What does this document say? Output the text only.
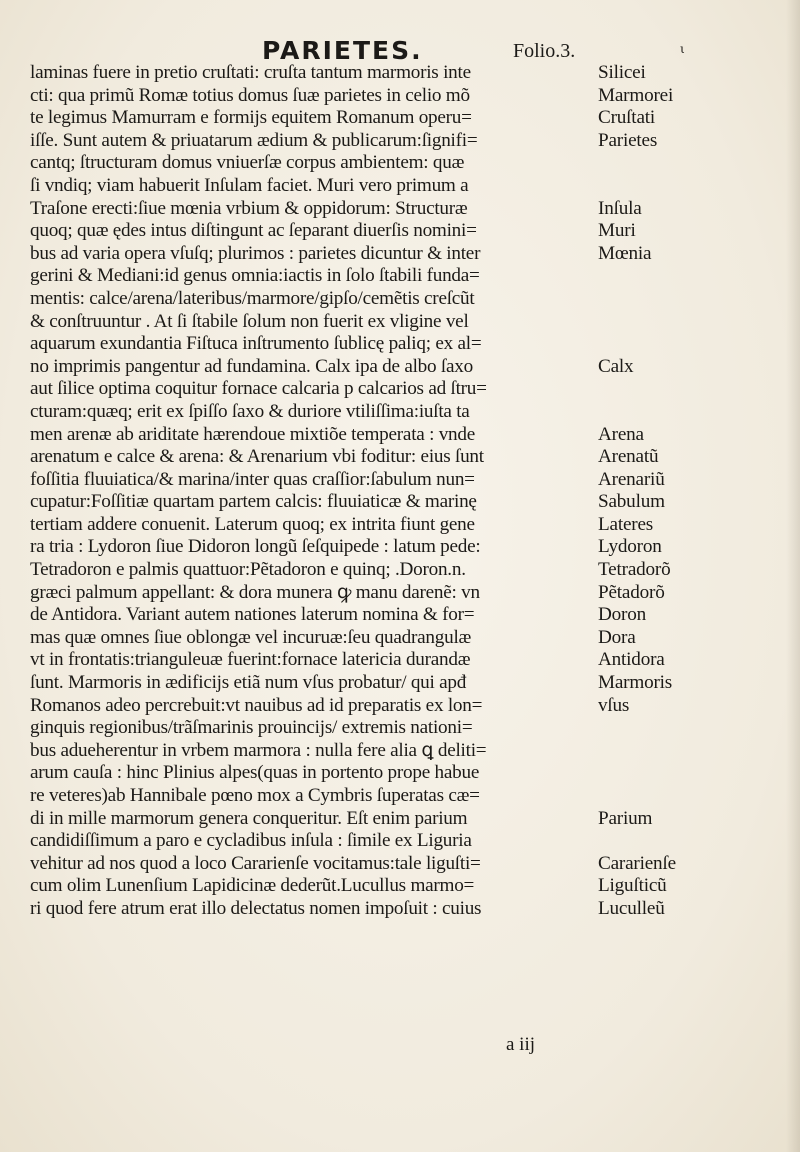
PARIETES.	Folio.3.	ι
laminas fuere in pretio cruſtati: cruſta tantum marmoris inte	Silicei
cti: qua primũ Romæ totius domus ſuæ parietes in celio mõ	Marmorei
te legimus Mamurram e formijs equitem Romanum operu=	Cruſtati
iſſe. Sunt autem & priuatarum ædium & publicarum:ſignifi=	Parietes
cantq; ſtructuram domus vniuerſæ corpus ambientem: quæ
ſi vndiq; viam habuerit Inſulam faciet. Muri vero primum a
Traſone erecti:ſiue mœnia vrbium & oppidorum: Structuræ	Inſula
quoq; quæ ędes intus diſtingunt ac ſeparant diuerſis nomini=	Muri
bus ad varia opera vſuſq; plurimos : parietes dicuntur & inter	Mœnia
gerini & Mediani:id genus omnia:iactis in ſolo ſtabili funda=
mentis: calce/arena/lateribus/marmore/gipſo/cemẽtis creſcũt
& conſtruuntur . At ſi ſtabile ſolum non fuerit ex vligine vel
aquarum exundantia Fiſtuca inſtrumento ſublicę paliq; ex al=
no imprimis pangentur ad fundamina. Calx ipa de albo ſaxo	Calx
aut ſilice optima coquitur fornace calcaria p calcarios ad ſtru=
cturam:quæq; erit ex ſpiſſo ſaxo & duriore vtiliſſima:iuſta ta
men arenæ ab ariditate hærendoue mixtiõe temperata : vnde	Arena
arenatum e calce & arena: & Arenarium vbi foditur: eius ſunt	Arenatũ
foſſitia fluuiatica/& marina/inter quas craſſior:ſabulum nun=	Arenariũ
cupatur:Foſſitiæ quartam partem calcis: fluuiaticæ & marinę	Sabulum
tertiam addere conuenit. Laterum quoq; ex intrita fiunt gene	Lateres
ra tria : Lydoron ſiue Didoron longũ ſeſquipede : latum pede:	Lydoron
Tetradoron e palmis quattuor:Pẽtadoron e quinq; .Doron.n.	Tetradorõ
græci palmum appellant: & dora munera ꝙ manu darenẽ: vn	Pẽtadorõ
de Antidora. Variant autem nationes laterum nomina & for=	Doron
mas quæ omnes ſiue oblongæ vel incuruæ:ſeu quadrangulæ	Dora
vt in frontatis:trianguleuæ fuerint:fornace latericia durandæ	Antidora
ſunt. Marmoris in ædificijs etiã num vſus probatur/ qui apđ	Marmoris
Romanos adeo percrebuit:vt nauibus ad id preparatis ex lon=	vſus
ginquis regionibus/trãſmarinis prouincijs/ extremis nationi=
bus adueherentur in vrbem marmora : nulla fere alia ꝗ deliti=
arum cauſa : hinc Plinius alpes(quas in portento prope habue
re veteres)ab Hannibale pœno mox a Cymbris ſuperatas cæ=
di in mille marmorum genera conqueritur. Eſt enim parium	Parium
candidiſſimum a paro e cycladibus inſula : ſimile ex Liguria
vehitur ad nos quod a loco Cararienſe vocitamus:tale liguſti=	Cararienſe
cum olim Lunenſium Lapidicinæ dederũt.Lucullus marmo=	Liguſticũ
ri quod fere atrum erat illo delectatus nomen impoſuit : cuius	Luculleũ
a iij
